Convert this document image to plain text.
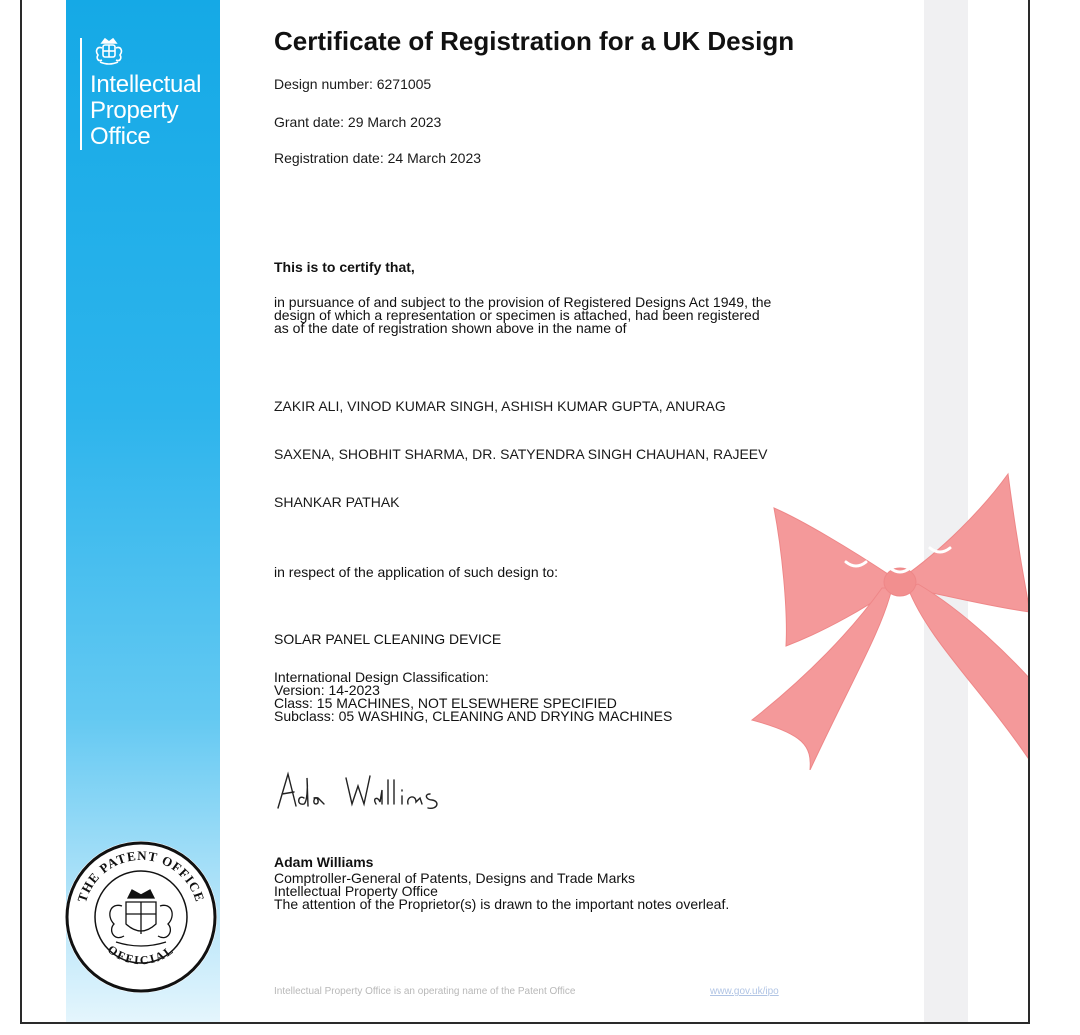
Intellectual
Property
Office
Certificate of Registration for a UK Design
Design number: 6271005
Grant date: 29 March 2023
Registration date: 24 March 2023
This is to certify that,
in pursuance of and subject to the provision of Registered Designs Act 1949, the
design of which a representation or specimen is attached, had been registered
as of the date of registration shown above in the name of
ZAKIR ALI, VINOD KUMAR SINGH, ASHISH KUMAR GUPTA, ANURAG
SAXENA, SHOBHIT SHARMA, DR. SATYENDRA SINGH CHAUHAN, RAJEEV
SHANKAR PATHAK
in respect of the application of such design to:
SOLAR PANEL CLEANING DEVICE
International Design Classification:
Version: 14-2023
Class: 15 MACHINES, NOT ELSEWHERE SPECIFIED
Subclass: 05 WASHING, CLEANING AND DRYING MACHINES
Adam Williams
Comptroller-General of Patents, Designs and Trade Marks
Intellectual Property Office
The attention of the Proprietor(s) is drawn to the important notes overleaf.
Intellectual Property Office is an operating name of the Patent Office	www.gov.uk/ipo
THE PATENT OFFICE
OFFICIAL
